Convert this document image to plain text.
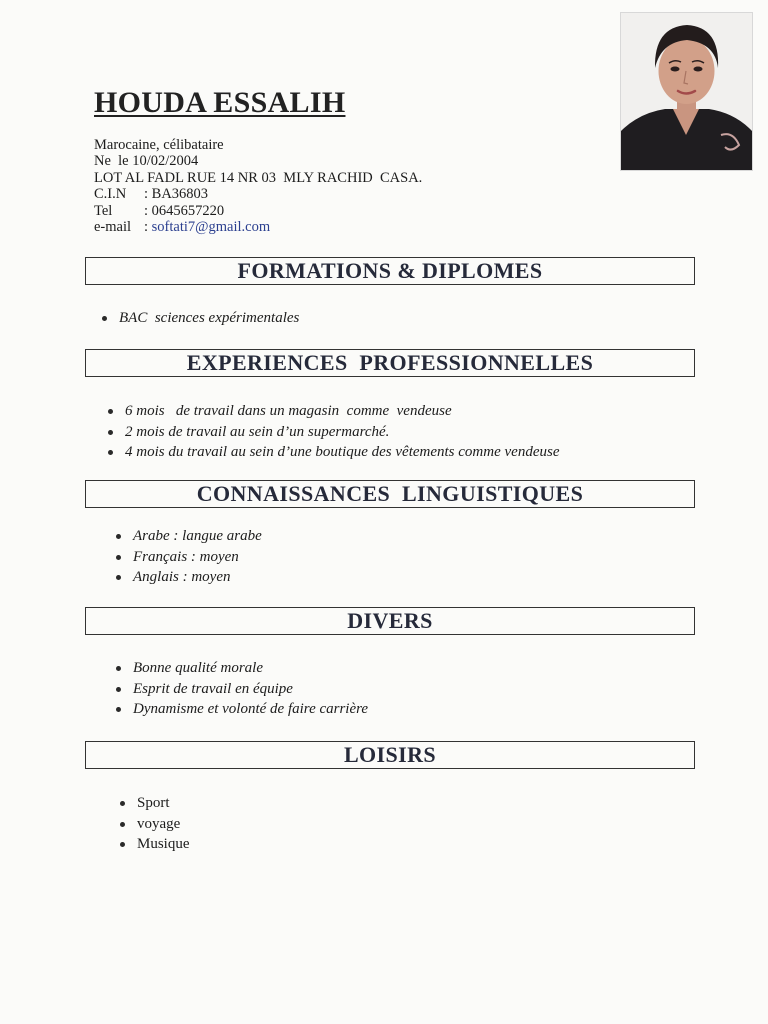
HOUDA ESSALIH
Marocaine, célibataire
Ne  le 10/02/2004
LOT AL FADL RUE 14 NR 03  MLY RACHID  CASA.
C.I.N : BA36803
Tel : 0645657220
e-mail : softati7@gmail.com
FORMATIONS & DIPLOMES
BAC  sciences expérimentales
EXPERIENCES  PROFESSIONNELLES
6 mois   de travail dans un magasin  comme  vendeuse
2 mois de travail au sein d’un supermarché.
4 mois du travail au sein d’une boutique des vêtements comme vendeuse
CONNAISSANCES  LINGUISTIQUES
Arabe : langue arabe
Français : moyen
Anglais : moyen
DIVERS
Bonne qualité morale
Esprit de travail en équipe
Dynamisme et volonté de faire carrière
LOISIRS
Sport
voyage
Musique
